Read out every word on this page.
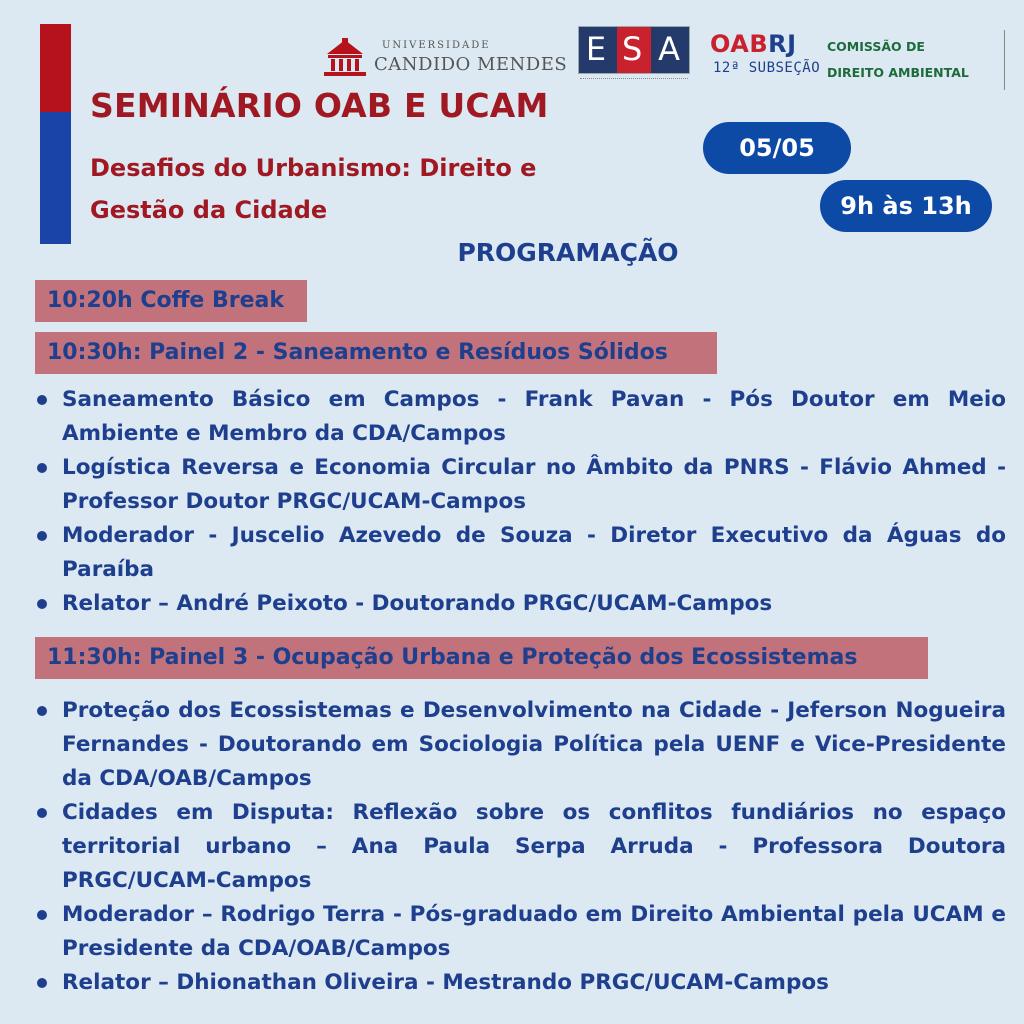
UNIVERSIDADE
CANDIDO MENDES E S A OABRJ
12ª SUBSEÇÃO
COMISSÃO DE
DIREITO AMBIENTAL
SEMINÁRIO OAB E UCAM
Desafios do Urbanismo: Direito e Gestão da Cidade
05/05
9h às 13h
PROGRAMAÇÃO
10:20h Coffe Break
10:30h: Painel 2 - Saneamento e Resíduos Sólidos
Saneamento Básico em Campos - Frank Pavan - Pós Doutor em Meio Ambiente e Membro da CDA/Campos
Logística Reversa e Economia Circular no Âmbito da PNRS - Flávio Ahmed -Professor Doutor PRGC/UCAM-Campos
Moderador - Juscelio Azevedo de Souza - Diretor Executivo da Águas do Paraíba
Relator – André Peixoto - Doutorando PRGC/UCAM-Campos
11:30h: Painel 3 - Ocupação Urbana e Proteção dos Ecossistemas
Proteção dos Ecossistemas e Desenvolvimento na Cidade - Jeferson Nogueira Fernandes - Doutorando em Sociologia Política pela UENF e Vice-Presidente da CDA/OAB/Campos
Cidades em Disputa: Reflexão sobre os conflitos fundiários no espaço territorial urbano – Ana Paula Serpa Arruda - Professora Doutora PRGC/UCAM-Campos
Moderador – Rodrigo Terra - Pós-graduado em Direito Ambiental pela UCAM e Presidente da CDA/OAB/Campos
Relator – Dhionathan Oliveira - Mestrando PRGC/UCAM-Campos
